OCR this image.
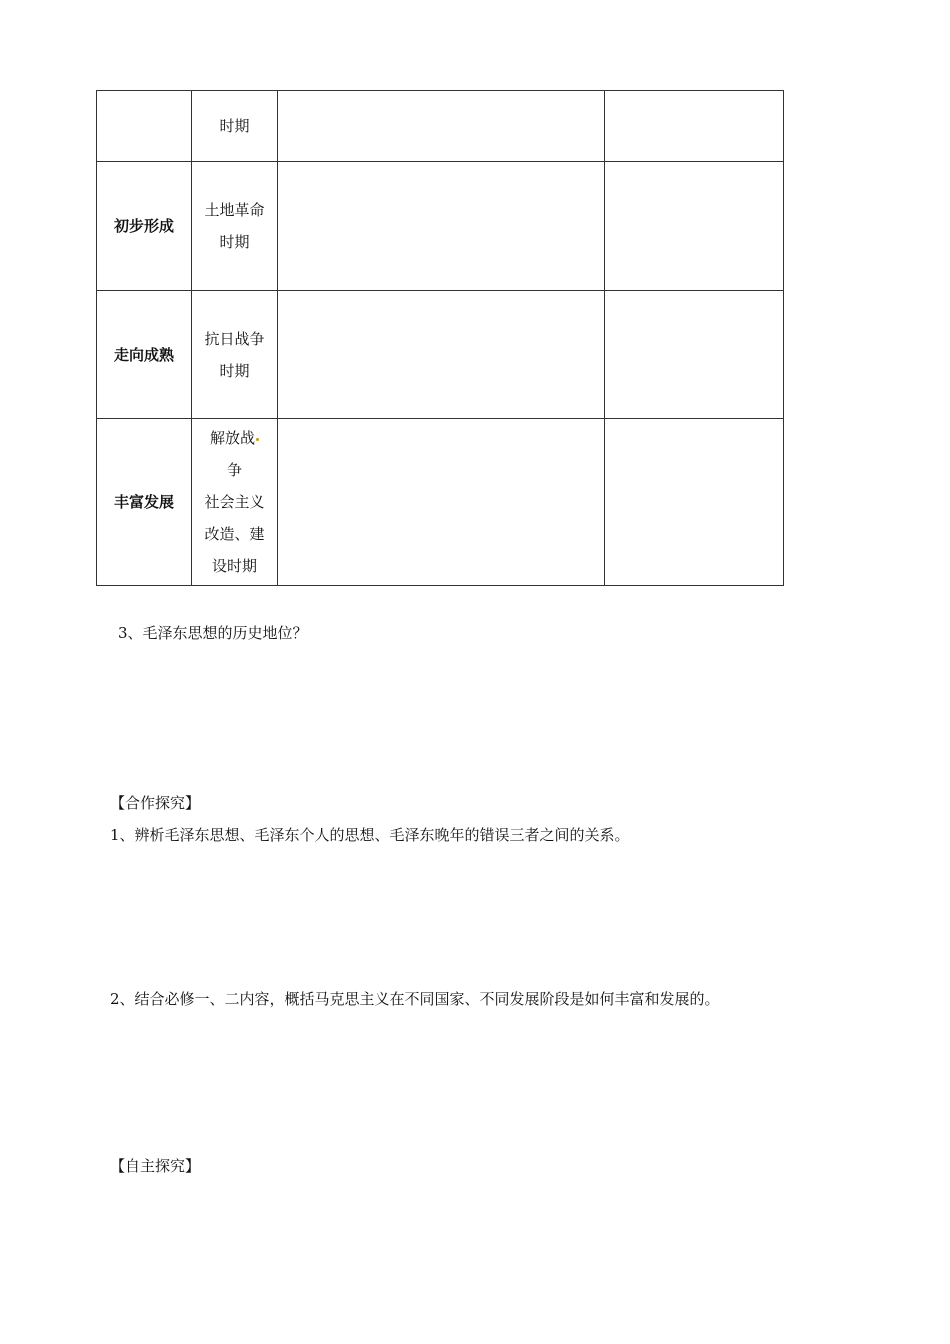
	时期		

初步形成	土地革命
时期		

走向成熟	抗日战争
时期		

丰富发展	解放战
争
社会主义
改造、建
设时期		

3、毛泽东思想的历史地位？
【合作探究】
1、辨析毛泽东思想、毛泽东个人的思想、毛泽东晚年的错误三者之间的关系。
2、结合必修一、二内容，概括马克思主义在不同国家、不同发展阶段是如何丰富和发展的。
【自主探究】
